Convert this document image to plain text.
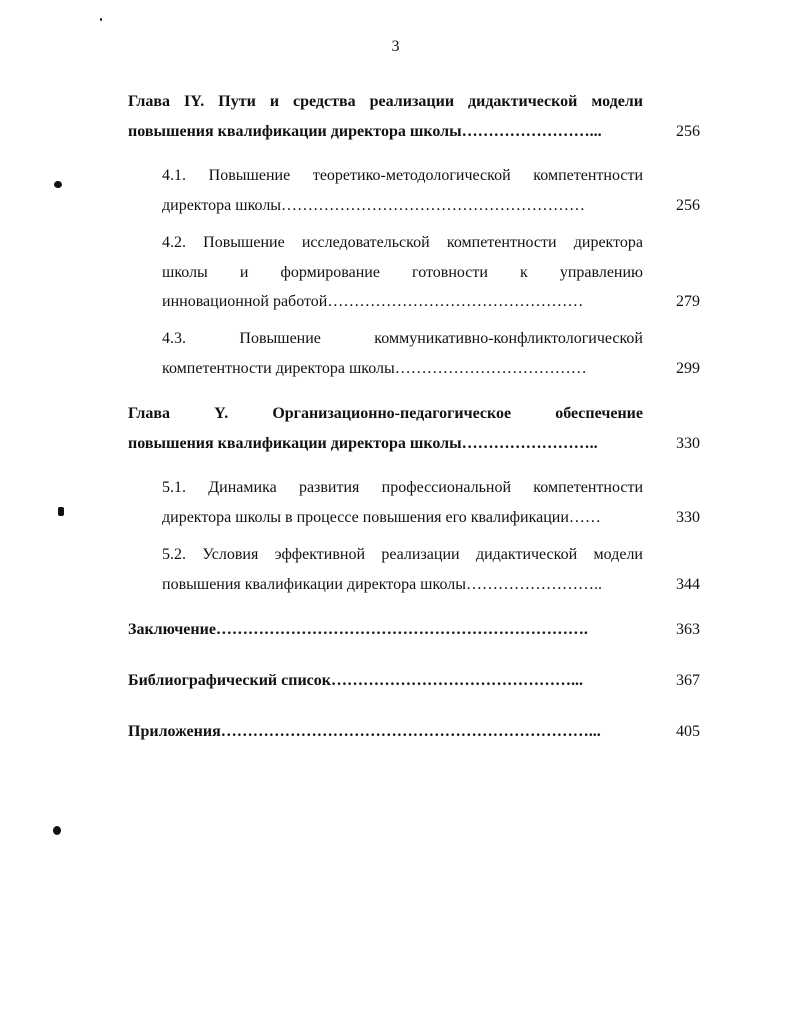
3
Глава IY. Пути и средства реализации дидактической модели
повышения квалификации директора школы……………………...	256
4.1. Повышение теоретико-методологической компетентности
директора школы…………………………………………………	256
4.2. Повышение исследовательской компетентности директора
школы и формирование готовности к управлению
инновационной работой…………………………………………	279
4.3. Повышение коммуникативно-конфликтологической
компетентности директора школы………………………………	299
Глава Y. Организационно-педагогическое обеспечение
повышения квалификации директора школы……………………..	330
5.1. Динамика развития профессиональной компетентности
директора школы в процессе повышения его квалификации……	330
5.2. Условия эффективной реализации дидактической модели
повышения квалификации директора школы……………………..	344
Заключение…………………………………………………………….	363
Библиографический список………………………………………...	367
Приложения……………………………………………………………...	405
